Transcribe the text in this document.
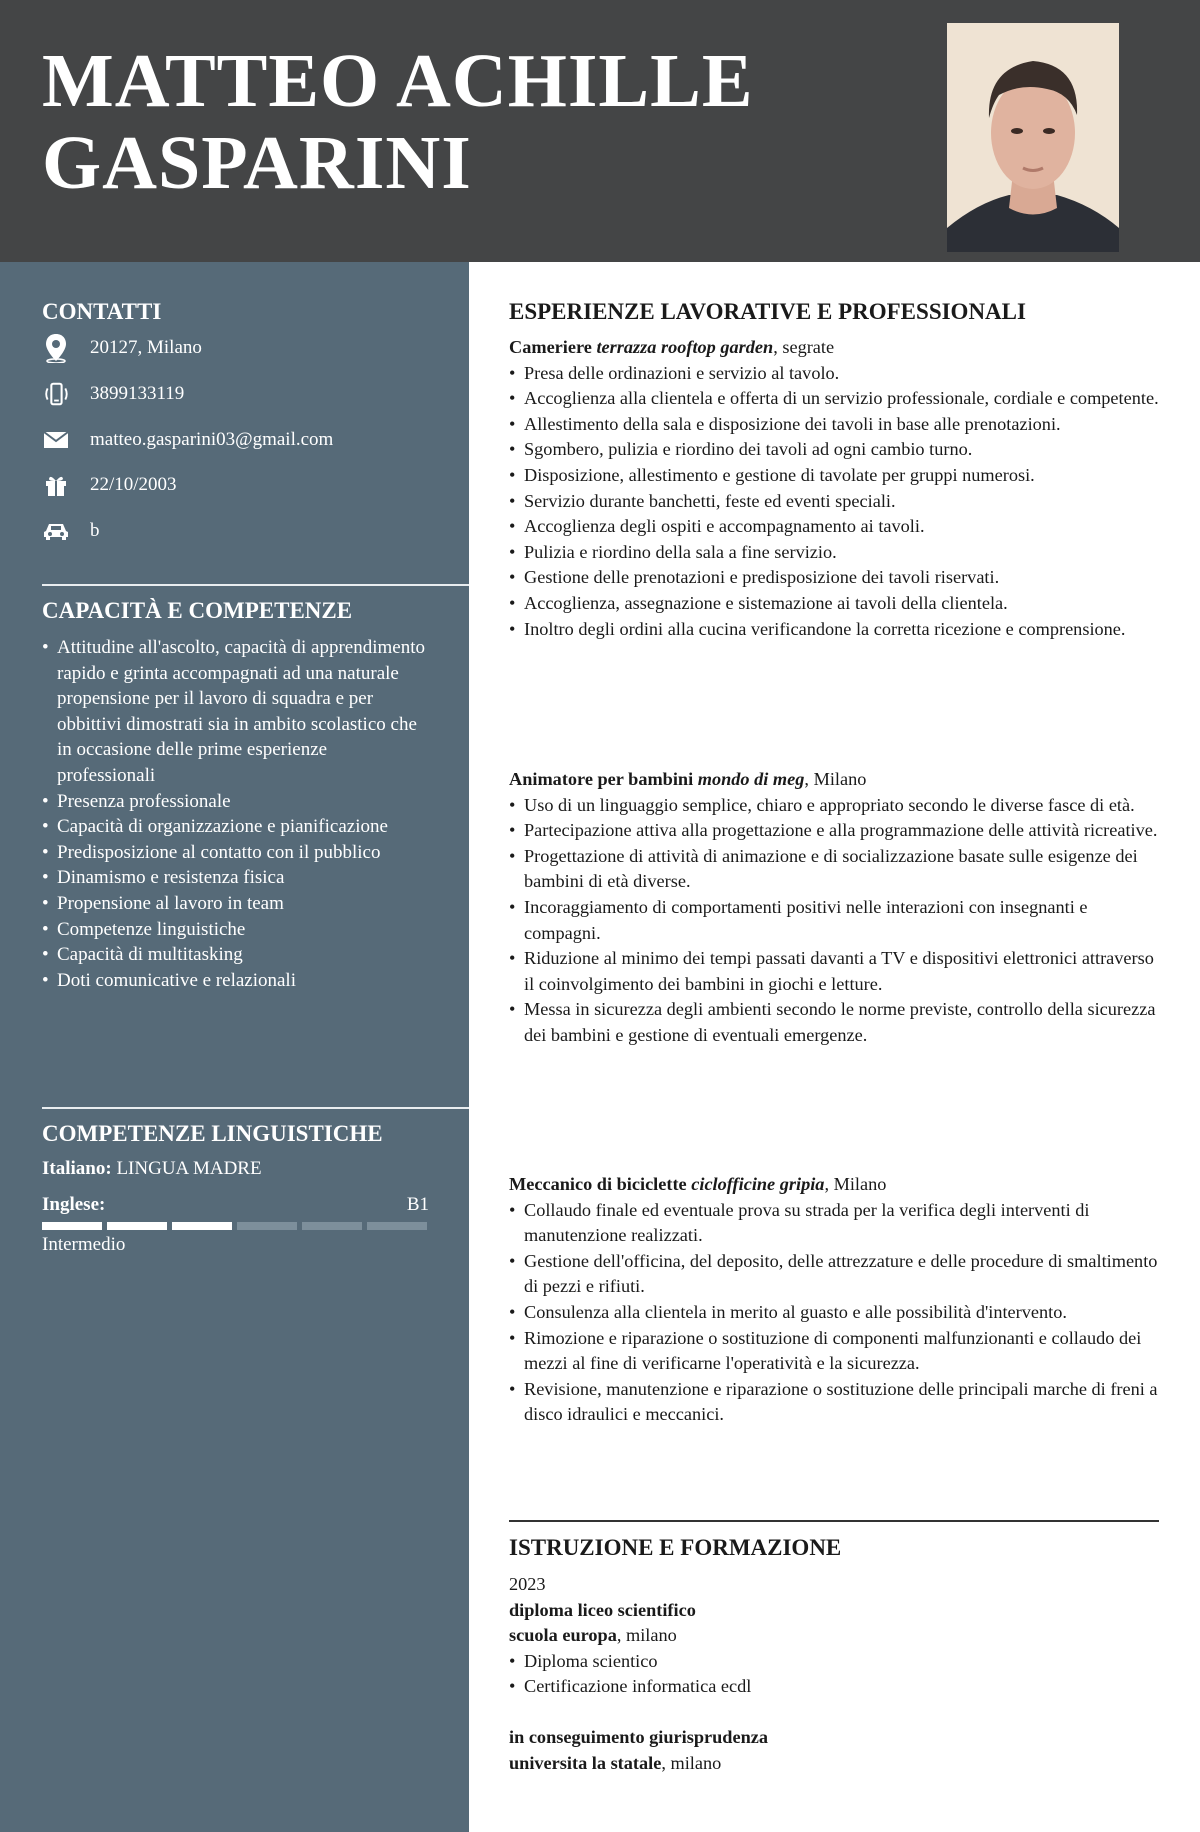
MATTEO ACHILLE
GASPARINI
CONTATTI
20127, Milano
3899133119
matteo.gasparini03@gmail.com
22/10/2003
b
CAPACITÀ E COMPETENZE
• Attitudine all'ascolto, capacità di apprendimento rapido e grinta accompagnati ad una naturale propensione per il lavoro di squadra e per obbittivi dimostrati sia in ambito scolastico che in occasione delle prime esperienze professionali
• Presenza professionale
• Capacità di organizzazione e pianificazione
• Predisposizione al contatto con il pubblico
• Dinamismo e resistenza fisica
• Propensione al lavoro in team
• Competenze linguistiche
• Capacità di multitasking
• Doti comunicative e relazionali
COMPETENZE LINGUISTICHE
Italiano: LINGUA MADRE
Inglese:	B1
Intermedio
ESPERIENZE LAVORATIVE E PROFESSIONALI
Cameriere terrazza rooftop garden, segrate
• Presa delle ordinazioni e servizio al tavolo.
• Accoglienza alla clientela e offerta di un servizio professionale, cordiale e competente.
• Allestimento della sala e disposizione dei tavoli in base alle prenotazioni.
• Sgombero, pulizia e riordino dei tavoli ad ogni cambio turno.
• Disposizione, allestimento e gestione di tavolate per gruppi numerosi.
• Servizio durante banchetti, feste ed eventi speciali.
• Accoglienza degli ospiti e accompagnamento ai tavoli.
• Pulizia e riordino della sala a fine servizio.
• Gestione delle prenotazioni e predisposizione dei tavoli riservati.
• Accoglienza, assegnazione e sistemazione ai tavoli della clientela.
• Inoltro degli ordini alla cucina verificandone la corretta ricezione e comprensione.
Animatore per bambini mondo di meg, Milano
• Uso di un linguaggio semplice, chiaro e appropriato secondo le diverse fasce di età.
• Partecipazione attiva alla progettazione e alla programmazione delle attività ricreative.
• Progettazione di attività di animazione e di socializzazione basate sulle esigenze dei bambini di età diverse.
• Incoraggiamento di comportamenti positivi nelle interazioni con insegnanti e compagni.
• Riduzione al minimo dei tempi passati davanti a TV e dispositivi elettronici attraverso il coinvolgimento dei bambini in giochi e letture.
• Messa in sicurezza degli ambienti secondo le norme previste, controllo della sicurezza dei bambini e gestione di eventuali emergenze.
Meccanico di biciclette ciclofficine gripia, Milano
• Collaudo finale ed eventuale prova su strada per la verifica degli interventi di manutenzione realizzati.
• Gestione dell'officina, del deposito, delle attrezzature e delle procedure di smaltimento di pezzi e rifiuti.
• Consulenza alla clientela in merito al guasto e alle possibilità d'intervento.
• Rimozione e riparazione o sostituzione di componenti malfunzionanti e collaudo dei mezzi al fine di verificarne l'operatività e la sicurezza.
• Revisione, manutenzione e riparazione o sostituzione delle principali marche di freni a disco idraulici e meccanici.
ISTRUZIONE E FORMAZIONE
2023
diploma liceo scientifico
scuola europa, milano
• Diploma scientico
• Certificazione informatica ecdl
in conseguimento giurisprudenza
universita la statale, milano
